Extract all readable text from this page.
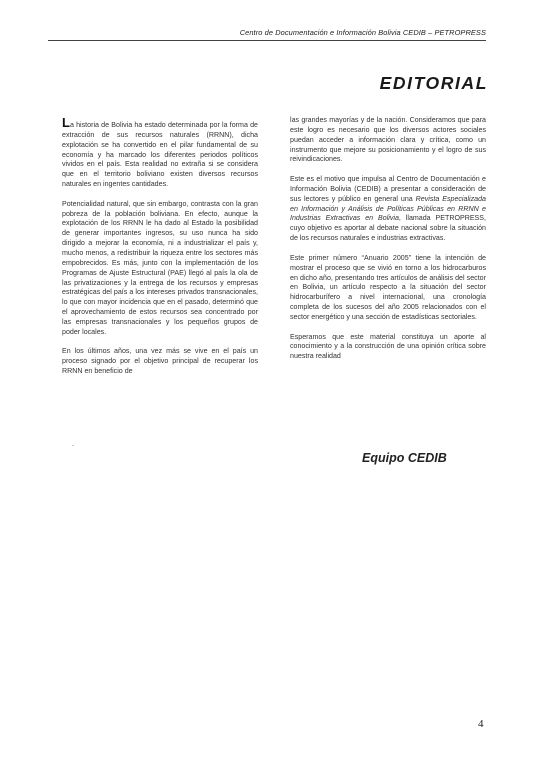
Centro de Documentación e Información Bolivia CEDIB – PETROPRESS
EDITORIAL

La historia de Bolivia ha estado determinada por la forma de extracción de sus recursos naturales (RRNN), dicha explotación se ha convertido en el pilar fundamental de su economía y ha marcado los diferentes periodos políticos vividos en el país. Esta realidad no extraña si se considera que en el territorio boliviano existen diversos recursos naturales en ingentes cantidades.

Potencialidad natural, que sin embargo, contrasta con la gran pobreza de la población boliviana. En efecto, aunque la explotación de los RRNN le ha dado al Estado la posibilidad de generar importantes ingresos, su uso nunca ha sido dirigido a mejorar la economía, ni a industrializar el país y, mucho menos, a redistribuir la riqueza entre los sectores más empobrecidos. Es más, junto con la implementación de los Programas de Ajuste Estructural (PAE) llegó al país la ola de las privatizaciones y la entrega de los recursos y empresas estratégicas del país a los intereses privados transnacionales, lo que con mayor incidencia que en el pasado, determinó que el aprovechamiento de estos recursos sea concentrado por las empresas transnacionales y los pequeños grupos de poder locales.

En los últimos años, una vez más se vive en el país un proceso signado por el objetivo principal de recuperar los RRNN en beneficio de

.

las grandes mayorías y de la nación. Consideramos que para este logro es necesario que los diversos actores sociales puedan acceder a información clara y crítica, como un instrumento que mejore su posicionamiento y el logro de sus reivindicaciones.

Este es el motivo que impulsa al Centro de Documentación e Información Bolivia (CEDIB) a presentar a consideración de sus lectores y público en general una Revista Especializada en Información y Análisis de Políticas Públicas en RRNN e Industrias Extractivas en Bolivia, llamada PETROPRESS, cuyo objetivo es aportar al debate nacional sobre la situación de los recursos naturales e industrias extractivas.

Este primer número “Anuario 2005” tiene la intención de mostrar el proceso que se vivió en torno a los hidrocarburos en dicho año, presentando tres artículos de análisis del sector en Bolivia, un artículo respecto a la situación del sector hidrocarburífero a nivel internacional, una cronología completa de los sucesos del año 2005 relacionados con el sector energético y una sección de estadísticas sectoriales.

Esperamos que este material constituya un aporte al conocimiento y a la construcción de una opinión crítica sobre nuestra realidad

Equipo CEDIB
4
